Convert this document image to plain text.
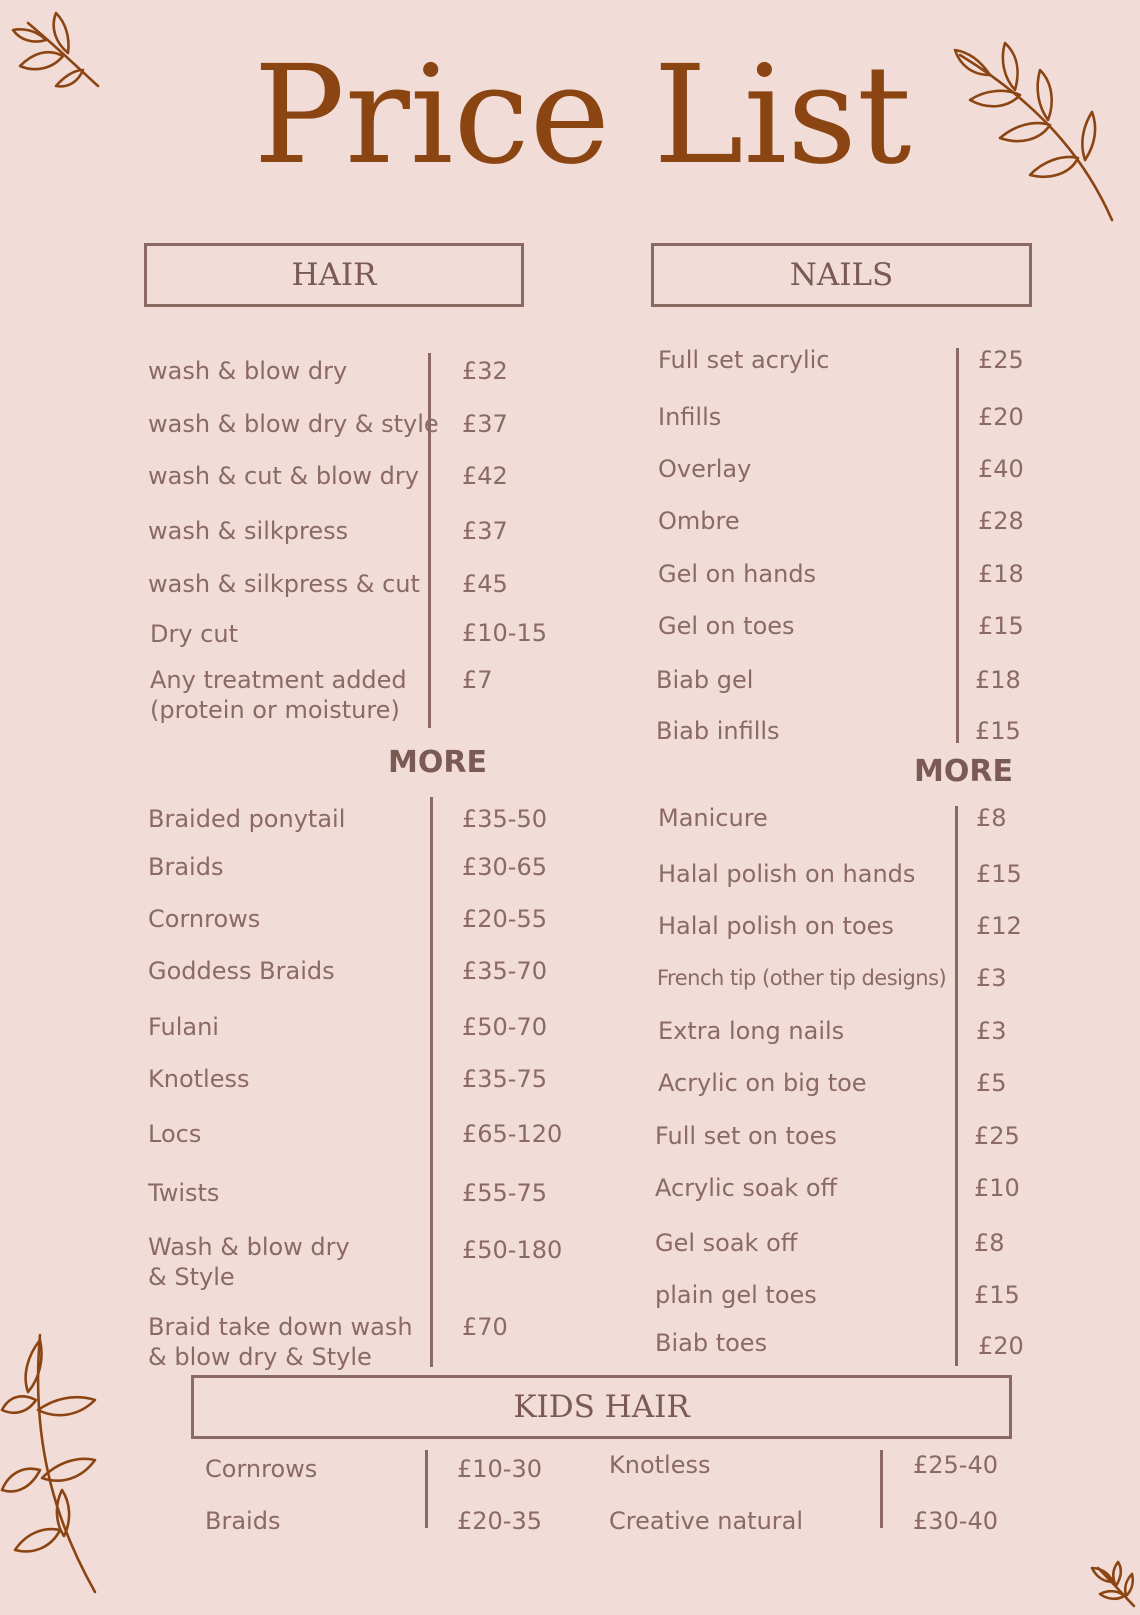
Price List
HAIR	NAILS
wash & blow dry	£32
wash & blow dry & style £37
wash & cut & blow dry £42
wash & silkpress	£37
wash & silkpress & cut £45
Dry cut	£10-15
Any treatment added
(protein or moisture)
£7
MORE
Braided ponytail	£35-50
Braids	£30-65
Cornrows	£20-55
Goddess Braids	£35-70
Fulani	£50-70
Knotless	£35-75
Locs	£65-120
Twists	£55-75
Wash & blow dry
& Style
£50-180
Braid take down wash
& blow dry & Style
£70
Full set acrylic	£25
Infills	£20
Overlay	£40
Ombre	£28
Gel on hands	£18
Gel on toes	£15
Biab gel	£18
Biab infills	£15
MORE
Manicure	£8
Halal polish on hands	£15
Halal polish on toes	£12
French tip (other tip designs) £3
Extra long nails	£3
Acrylic on big toe	£5
Full set on toes	£25
Acrylic soak off	£10
Gel soak off	£8
plain gel toes	£15
Biab toes	£20
KIDS HAIR
Cornrows	£10-30
Braids	£20-35
Knotless	£25-40
Creative natural	£30-40
